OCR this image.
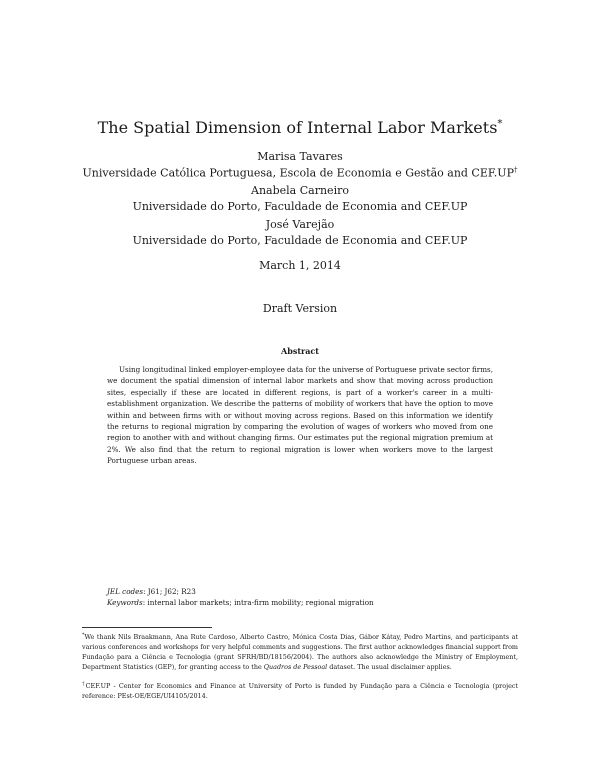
The Spatial Dimension of Internal Labor Markets*
Marisa Tavares
Universidade Católica Portuguesa, Escola de Economia e Gestão and CEF.UP†
Anabela Carneiro
Universidade do Porto, Faculdade de Economia and CEF.UP
José Varejão
Universidade do Porto, Faculdade de Economia and CEF.UP
March 1, 2014
Draft Version
Abstract
Using longitudinal linked employer-employee data for the universe of Portuguese private sector firms, we document the spatial dimension of internal labor markets and show that moving across production sites, especially if these are located in different regions, is part of a worker's career in a multi-establishment organization. We describe the patterns of mobility of workers that have the option to move within and between firms with or without moving across regions. Based on this information we identify the returns to regional migration by comparing the evolution of wages of workers who moved from one region to another with and without changing firms. Our estimates put the regional migration premium at 2%. We also find that the return to regional migration is lower when workers move to the largest Portuguese urban areas.
JEL codes: J61; J62; R23
Keywords: internal labor markets; intra-firm mobility; regional migration
*We thank Nils Braakmann, Ana Rute Cardoso, Alberto Castro, Mónica Costa Dias, Gábor Kátay, Pedro Martins, and participants at various conferences and workshops for very helpful comments and suggestions. The first author acknowledges financial support from Fundação para a Ciência e Tecnologia (grant SFRH/BD/18156/2004). The authors also acknowledge the Ministry of Employment, Department Statistics (GEP), for granting access to the Quadros de Pessoal dataset. The usual disclaimer applies.
†CEF.UP - Center for Economics and Finance at University of Porto is funded by Fundação para a Ciência e Tecnologia (project reference: PEst-OE/EGE/UI4105/2014.
